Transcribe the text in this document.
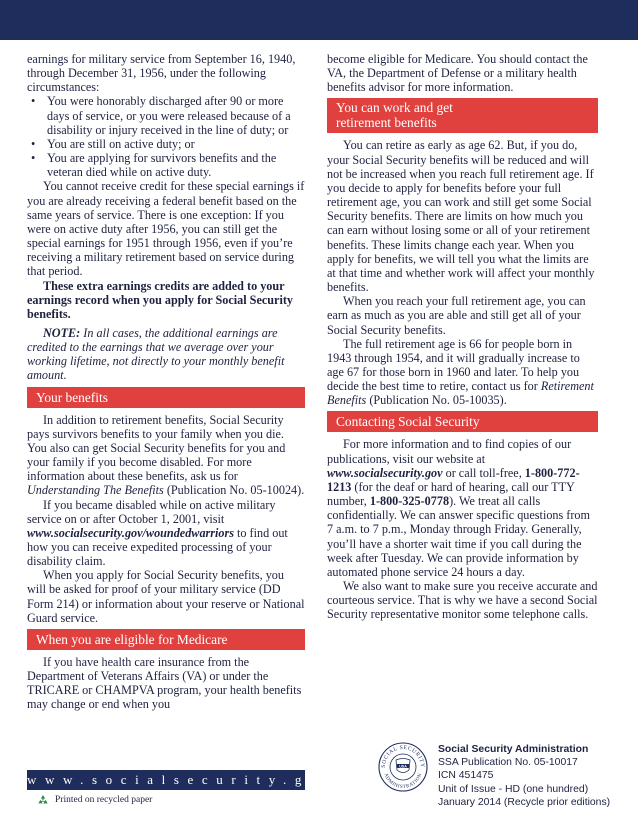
earnings for military service from September 16, 1940, through December 31, 1956, under the following circumstances:

• You were honorably discharged after 90 or more days of service, or you were released because of a disability or injury received in the line of duty; or
• You are still on active duty; or
• You are applying for survivors benefits and the veteran died while on active duty.

You cannot receive credit for these special earnings if you are already receiving a federal benefit based on the same years of service. There is one exception: If you were on active duty after 1956, you can still get the special earnings for 1951 through 1956, even if you’re receiving a military retirement based on service during that period.

These extra earnings credits are added to your earnings record when you apply for Social Security benefits.

NOTE: In all cases, the additional earnings are credited to the earnings that we average over your working lifetime, not directly to your monthly benefit amount.

Your benefits

In addition to retirement benefits, Social Security pays survivors benefits to your family when you die. You also can get Social Security benefits for you and your family if you become disabled. For more information about these benefits, ask us for Understanding The Benefits (Publication No. 05-10024).

If you became disabled while on active military service on or after October 1, 2001, visit www.socialsecurity.gov/woundedwarriors to find out how you can receive expedited processing of your disability claim.

When you apply for Social Security benefits, you will be asked for proof of your military service (DD Form 214) or information about your reserve or National Guard service.

When you are eligible for Medicare

If you have health care insurance from the Department of Veterans Affairs (VA) or under the TRICARE or CHAMPVA program, your health benefits may change or end when you

become eligible for Medicare. You should contact the VA, the Department of Defense or a military health benefits advisor for more information.

You can work and get
retirement benefits

You can retire as early as age 62. But, if you do, your Social Security benefits will be reduced and will not be increased when you reach full retirement age. If you decide to apply for benefits before your full retirement age, you can work and still get some Social Security benefits. There are limits on how much you can earn without losing some or all of your retirement benefits. These limits change each year. When you apply for benefits, we will tell you what the limits are at that time and whether work will affect your monthly benefits.

When you reach your full retirement age, you can earn as much as you are able and still get all of your Social Security benefits.

The full retirement age is 66 for people born in 1943 through 1954, and it will gradually increase to age 67 for those born in 1960 and later. To help you decide the best time to retire, contact us for Retirement Benefits (Publication No. 05-10035).

Contacting Social Security

For more information and to find copies of our publications, visit our website at www.socialsecurity.gov or call toll-free, 1-800-772-1213 (for the deaf or hard of hearing, call our TTY number, 1-800-325-0778). We treat all calls confidentially. We can answer specific questions from 7 a.m. to 7 p.m., Monday through Friday. Generally, you’ll have a shorter wait time if you call during the week after Tuesday. We can provide information by automated phone service 24 hours a day.

We also want to make sure you receive accurate and courteous service. That is why we have a second Social Security representative monitor some telephone calls.

www.socialsecurity.gov
Printed on recycled paper
SOCIAL SECURITY
ADMINISTRATION
USA
Social Security Administration
SSA Publication No. 05-10017
ICN 451475
Unit of Issue - HD (one hundred)
January 2014 (Recycle prior editions)
